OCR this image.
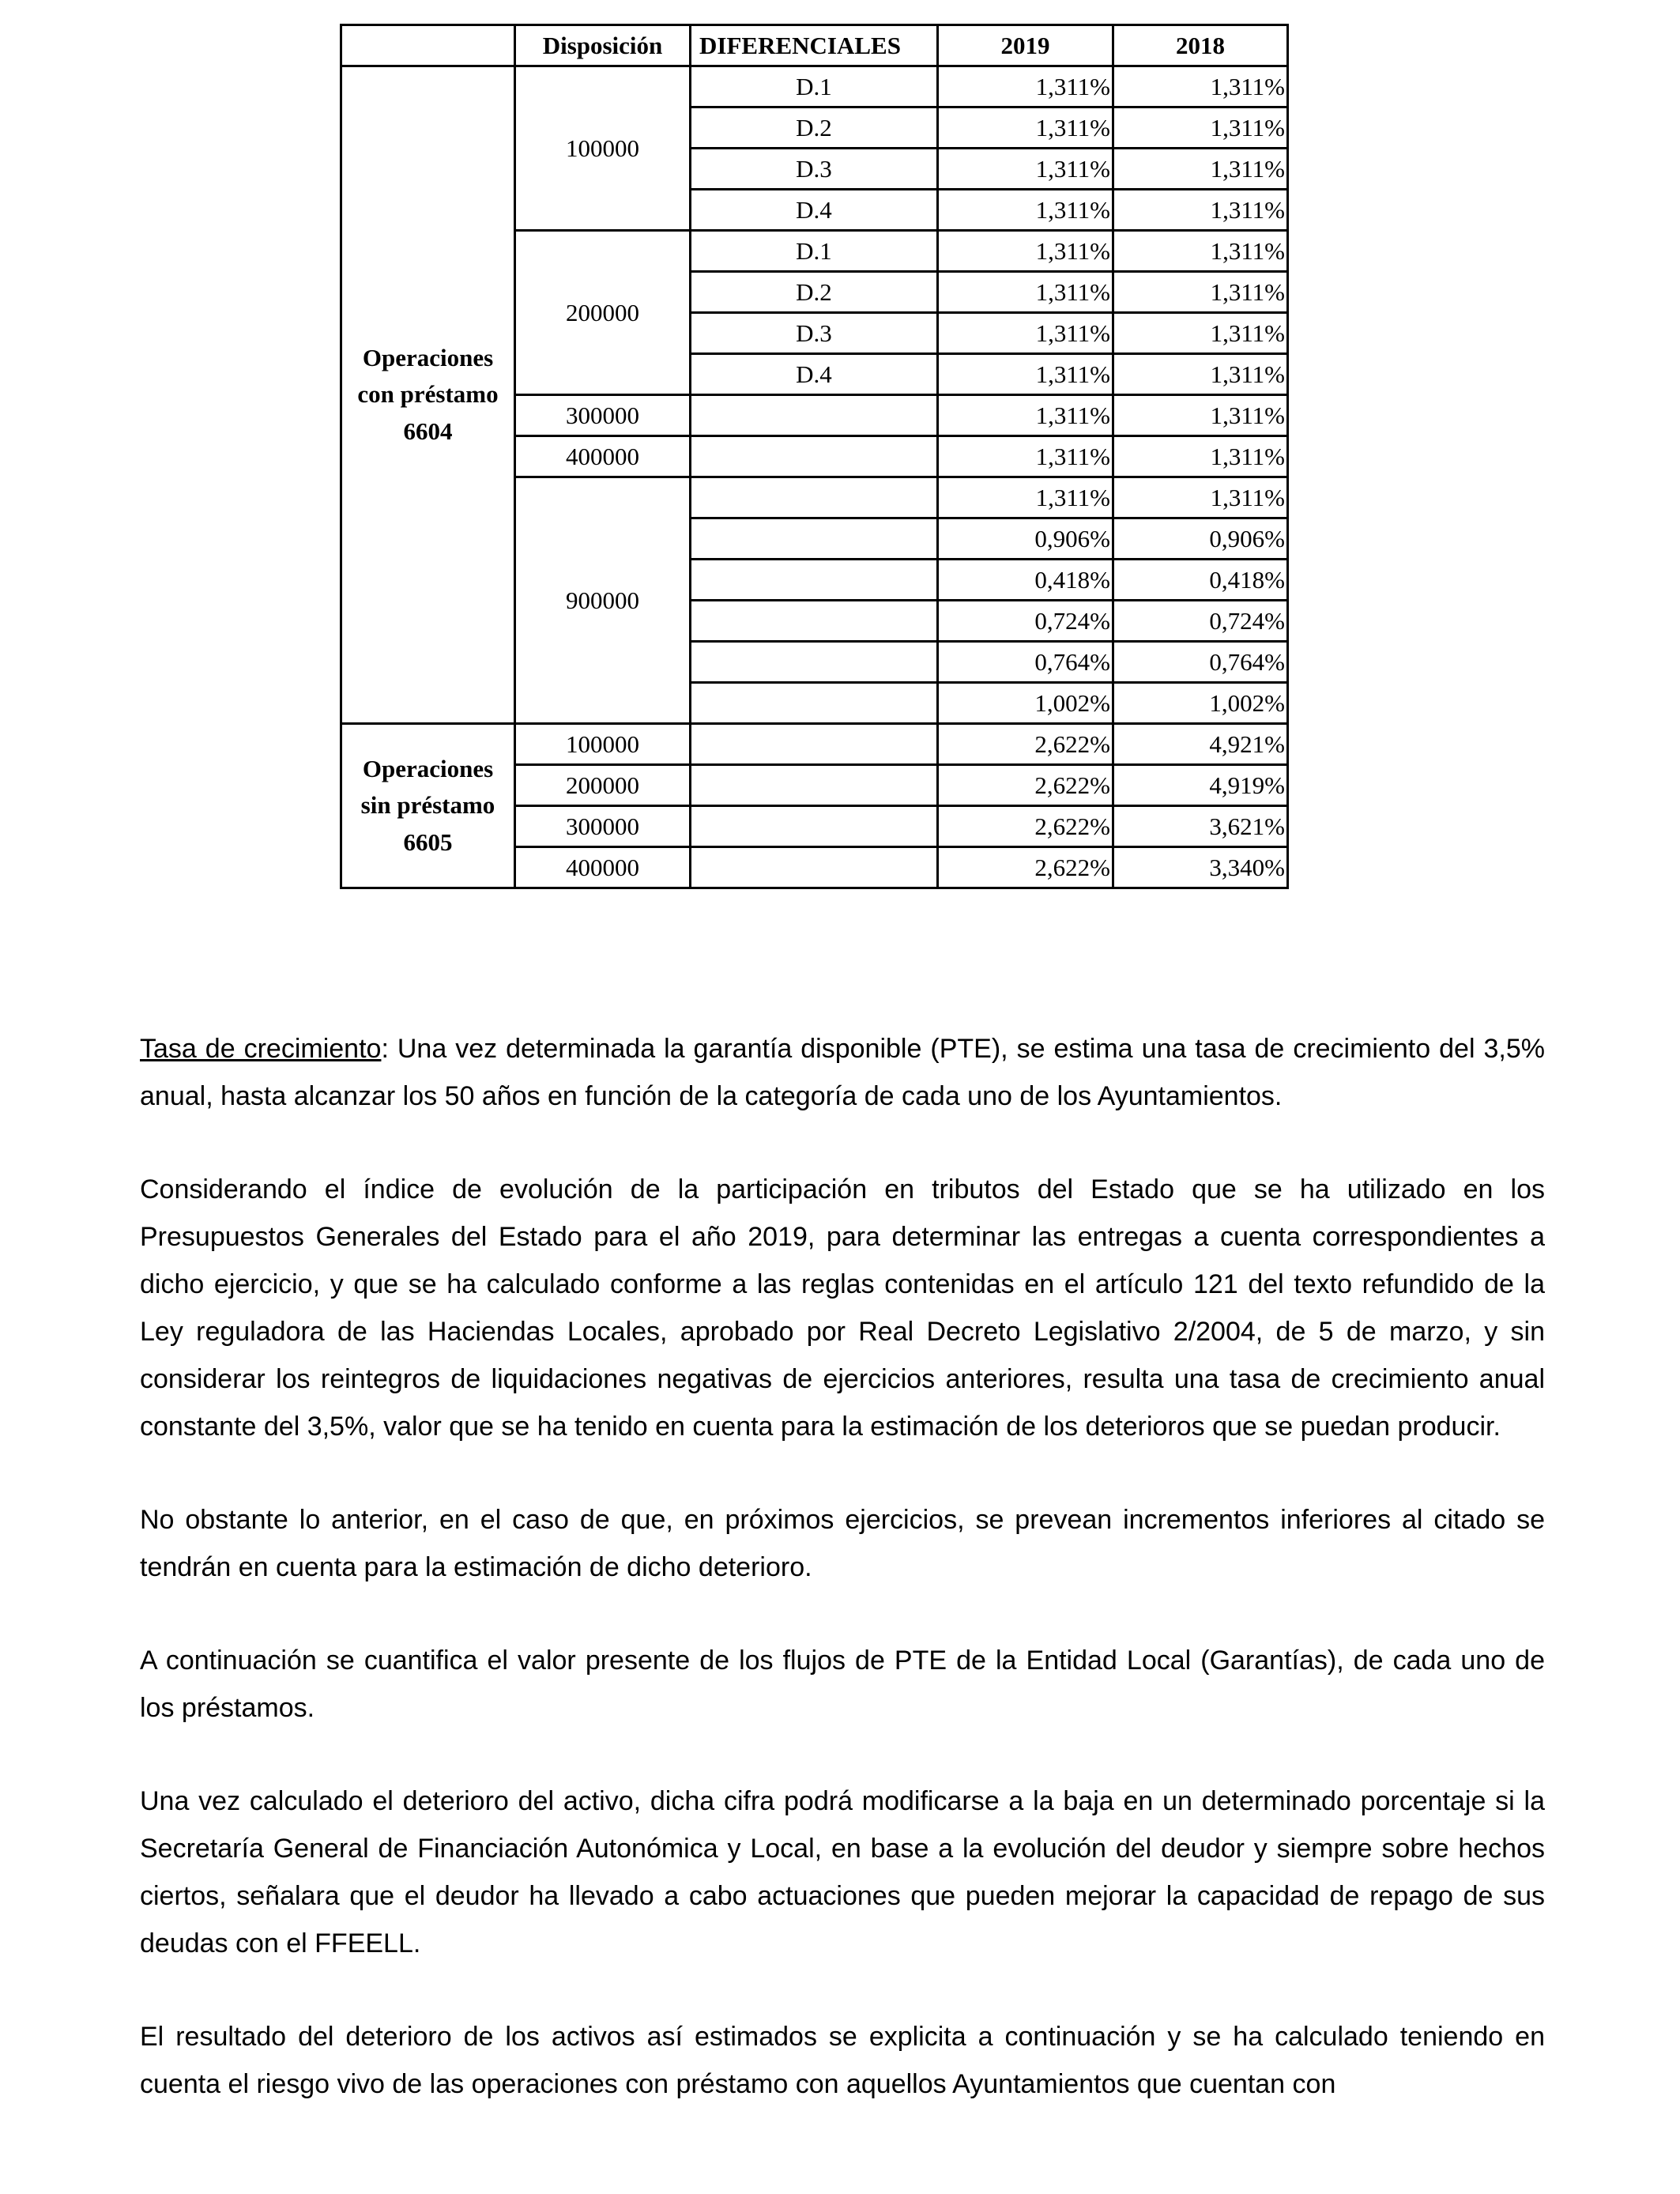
	Disposición	DIFERENCIALES	2019	2018
Operaciones
con préstamo
6604	100000	D.1	1,311%	1,311%
		D.2	1,311%	1,311%
		D.3	1,311%	1,311%
		D.4	1,311%	1,311%
	200000	D.1	1,311%	1,311%
		D.2	1,311%	1,311%
		D.3	1,311%	1,311%
		D.4	1,311%	1,311%
	300000		1,311%	1,311%
	400000		1,311%	1,311%
	900000		1,311%	1,311%
			0,906%	0,906%
			0,418%	0,418%
			0,724%	0,724%
			0,764%	0,764%
			1,002%	1,002%
Operaciones
sin préstamo
6605	100000		2,622%	4,921%
	200000		2,622%	4,919%
	300000		2,622%	3,621%
	400000		2,622%	3,340%

Tasa de crecimiento: Una vez determinada la garantía disponible (PTE), se estima una tasa de crecimiento del 3,5% anual, hasta alcanzar los 50 años en función de la categoría de cada uno de los Ayuntamientos.

Considerando el índice de evolución de la participación en tributos del Estado que se ha utilizado en los Presupuestos Generales del Estado para el año 2019, para determinar las entregas a cuenta correspondientes a dicho ejercicio, y que se ha calculado conforme a las reglas contenidas en el artículo 121 del texto refundido de la Ley reguladora de las Haciendas Locales, aprobado por Real Decreto Legislativo 2/2004, de 5 de marzo, y sin considerar los reintegros de liquidaciones negativas de ejercicios anteriores, resulta una tasa de crecimiento anual constante del 3,5%, valor que se ha tenido en cuenta para la estimación de los deterioros que se puedan producir.

No obstante lo anterior, en el caso de que, en próximos ejercicios, se prevean incrementos inferiores al citado se tendrán en cuenta para la estimación de dicho deterioro.

A continuación se cuantifica el valor presente de los flujos de PTE de la Entidad Local (Garantías), de cada uno de los préstamos.

Una vez calculado el deterioro del activo, dicha cifra podrá modificarse a la baja en un determinado porcentaje si la Secretaría General de Financiación Autonómica y Local, en base a la evolución del deudor y siempre sobre hechos ciertos, señalara que el deudor ha llevado a cabo actuaciones que pueden mejorar la capacidad de repago de sus deudas con el FFEELL.

El resultado del deterioro de los activos así estimados se explicita a continuación y se ha calculado teniendo en cuenta el riesgo vivo de las operaciones con préstamo con aquellos Ayuntamientos que cuentan con
